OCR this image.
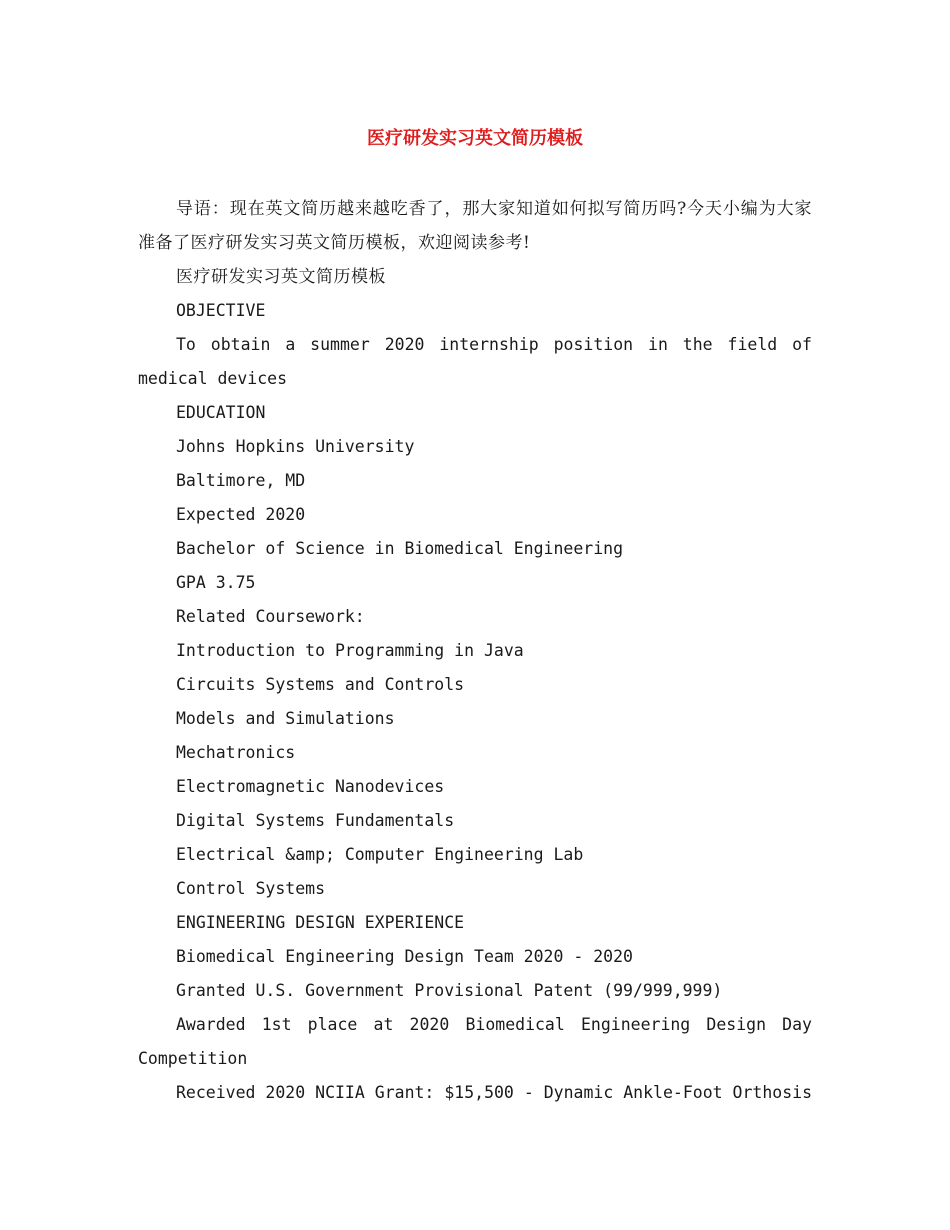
医疗研发实习英文简历模板

导语：现在英文简历越来越吃香了，那大家知道如何拟写简历吗?今天小编为大家准备了医疗研发实习英文简历模板，欢迎阅读参考!

医疗研发实习英文简历模板

OBJECTIVE

To obtain a summer 2020 internship position in the field of medical devices

EDUCATION

Johns Hopkins University

Baltimore, MD

Expected 2020

Bachelor of Science in Biomedical Engineering

GPA 3.75

Related Coursework:

Introduction to Programming in Java

Circuits Systems and Controls

Models and Simulations

Mechatronics

Electromagnetic Nanodevices

Digital Systems Fundamentals

Electrical &amp; Computer Engineering Lab

Control Systems

ENGINEERING DESIGN EXPERIENCE

Biomedical Engineering Design Team 2020 - 2020

Granted U.S. Government Provisional Patent (99/999,999)

Awarded 1st place at 2020 Biomedical Engineering Design Day Competition

Received 2020 NCIIA Grant: $15,500 - Dynamic Ankle-Foot Orthosis
